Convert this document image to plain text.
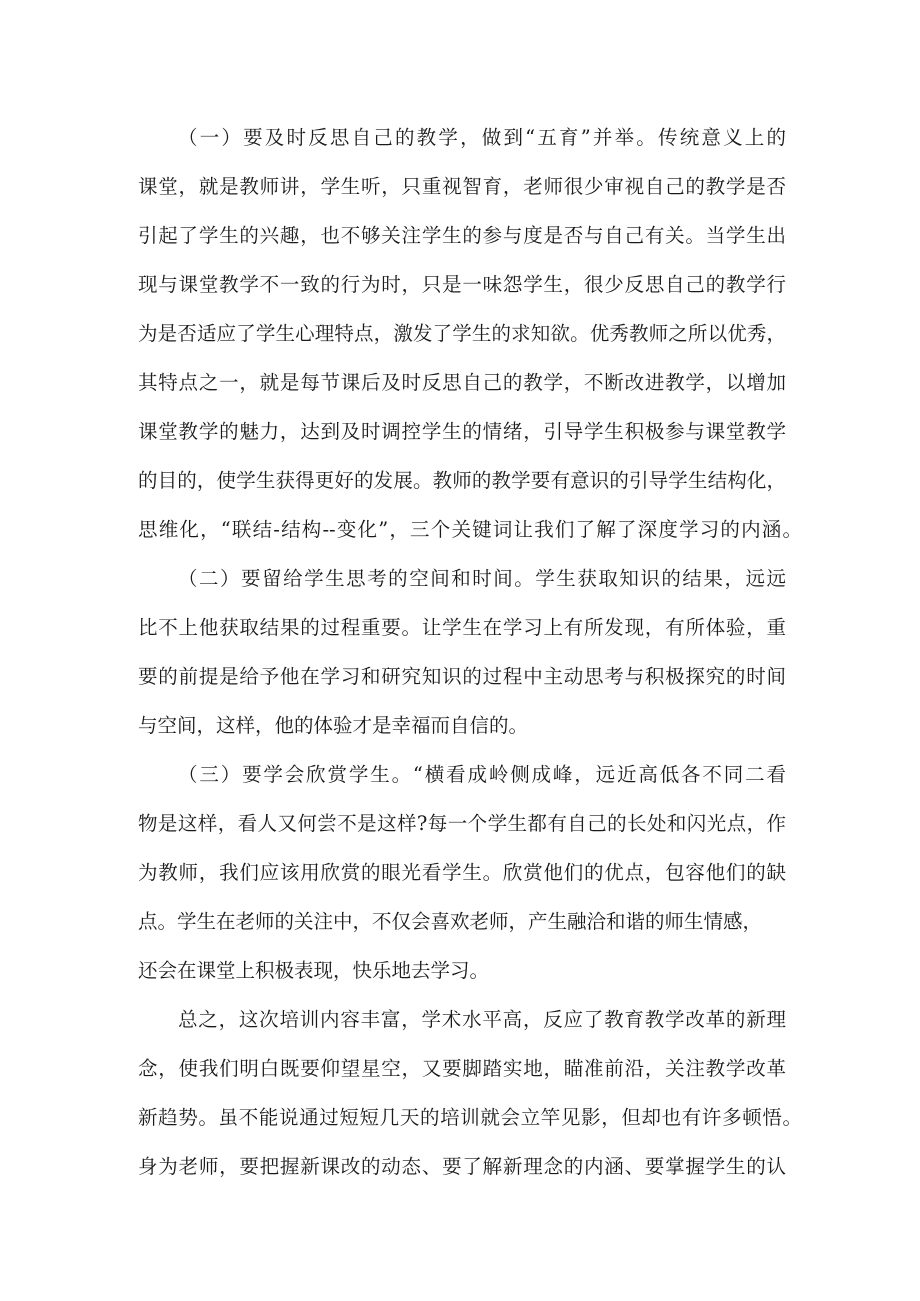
（一）要及时反思自己的教学，做到“五育”并举。传统意义上的

课堂，就是教师讲，学生听，只重视智育，老师很少审视自己的教学是否

引起了学生的兴趣，也不够关注学生的参与度是否与自己有关。当学生出

现与课堂教学不一致的行为时，只是一味怨学生，很少反思自己的教学行

为是否适应了学生心理特点，激发了学生的求知欲。优秀教师之所以优秀，

其特点之一，就是每节课后及时反思自己的教学，不断改进教学，以增加

课堂教学的魅力，达到及时调控学生的情绪，引导学生积极参与课堂教学

的目的，使学生获得更好的发展。教师的教学要有意识的引导学生结构化，

思维化，“联结-结构--变化”，三个关键词让我们了解了深度学习的内涵。

（二）要留给学生思考的空间和时间。学生获取知识的结果，远远

比不上他获取结果的过程重要。让学生在学习上有所发现，有所体验，重

要的前提是给予他在学习和研究知识的过程中主动思考与积极探究的时间

与空间，这样，他的体验才是幸福而自信的。

（三）要学会欣赏学生。“横看成岭侧成峰，远近高低各不同二看

物是这样，看人又何尝不是这样?每一个学生都有自己的长处和闪光点，作

为教师，我们应该用欣赏的眼光看学生。欣赏他们的优点，包容他们的缺

点。学生在老师的关注中，不仅会喜欢老师，产生融洽和谐的师生情感，

还会在课堂上积极表现，快乐地去学习。

总之，这次培训内容丰富，学术水平高，反应了教育教学改革的新理

念，使我们明白既要仰望星空，又要脚踏实地，瞄准前沿，关注教学改革

新趋势。虽不能说通过短短几天的培训就会立竿见影，但却也有许多顿悟。

身为老师，要把握新课改的动态、要了解新理念的内涵、要掌握学生的认
